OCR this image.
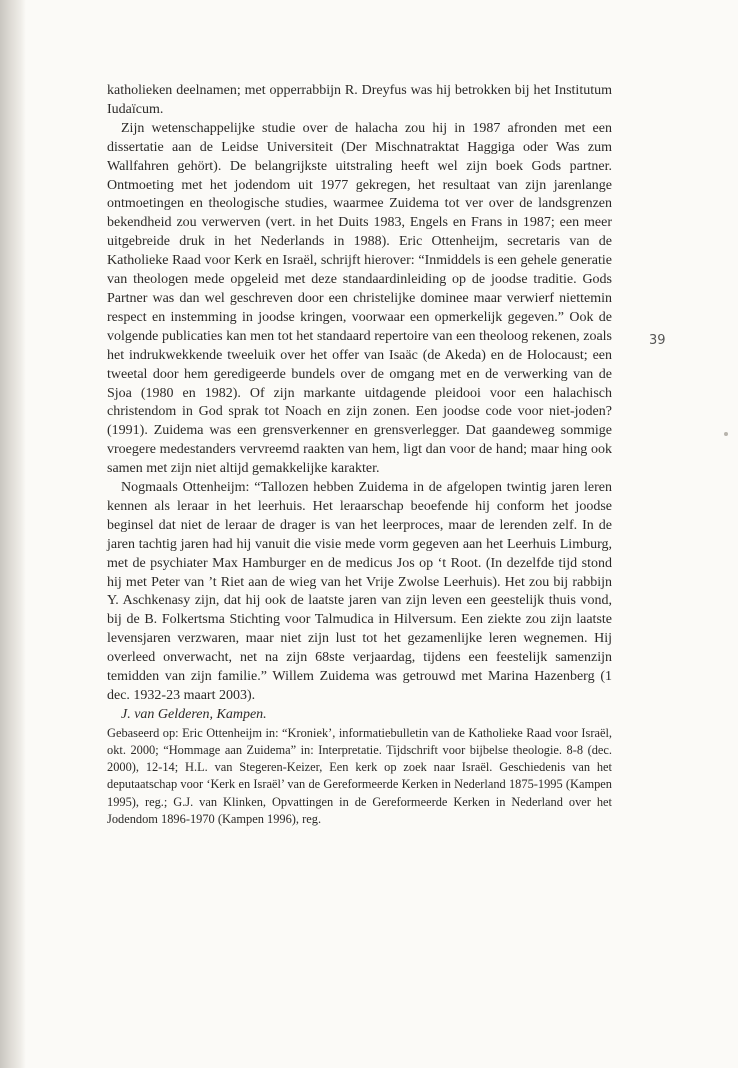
katholieken deelnamen; met opperrabbijn R. Dreyfus was hij betrokken bij het Institutum Iudaïcum.

Zijn wetenschappelijke studie over de halacha zou hij in 1987 afronden met een dissertatie aan de Leidse Universiteit (Der Mischnatraktat Haggiga oder Was zum Wallfahren gehört). De belangrijkste uitstraling heeft wel zijn boek Gods partner. Ontmoeting met het jodendom uit 1977 gekregen, het resultaat van zijn jarenlange ontmoetingen en theologische studies, waarmee Zuidema tot ver over de landsgrenzen bekendheid zou verwerven (vert. in het Duits 1983, Engels en Frans in 1987; een meer uitgebreide druk in het Nederlands in 1988). Eric Ottenheijm, secretaris van de Katholieke Raad voor Kerk en Israël, schrijft hierover: “Inmiddels is een gehele generatie van theologen mede opgeleid met deze standaardinleiding op de joodse traditie. Gods Partner was dan wel geschreven door een christelijke dominee maar verwierf niettemin respect en instemming in joodse kringen, voorwaar een opmerkelijk gegeven.” Ook de volgende publicaties kan men tot het standaard repertoire van een theoloog rekenen, zoals het indrukwekkende tweeluik over het offer van Isaäc (de Akeda) en de Holocaust; een tweetal door hem geredigeerde bundels over de omgang met en de verwerking van de Sjoa (1980 en 1982). Of zijn markante uitdagende pleidooi voor een halachisch christendom in God sprak tot Noach en zijn zonen. Een joodse code voor niet-joden? (1991). Zuidema was een grensverkenner en grensverlegger. Dat gaandeweg sommige vroegere medestanders vervreemd raakten van hem, ligt dan voor de hand; maar hing ook samen met zijn niet altijd gemakkelijke karakter.

Nogmaals Ottenheijm: “Tallozen hebben Zuidema in de afgelopen twintig jaren leren kennen als leraar in het leerhuis. Het leraarschap beoefende hij conform het joodse beginsel dat niet de leraar de drager is van het leerproces, maar de lerenden zelf. In de jaren tachtig jaren had hij vanuit die visie mede vorm gegeven aan het Leerhuis Limburg, met de psychiater Max Hamburger en de medicus Jos op ‘t Root. (In dezelfde tijd stond hij met Peter van ’t Riet aan de wieg van het Vrije Zwolse Leerhuis). Het zou bij rabbijn Y. Aschkenasy zijn, dat hij ook de laatste jaren van zijn leven een geestelijk thuis vond, bij de B. Folkertsma Stichting voor Talmudica in Hilversum. Een ziekte zou zijn laatste levensjaren verzwaren, maar niet zijn lust tot het gezamenlijke leren wegnemen. Hij overleed onverwacht, net na zijn 68ste verjaardag, tijdens een feestelijk samenzijn temidden van zijn familie.” Willem Zuidema was getrouwd met Marina Hazenberg (1 dec. 1932-23 maart 2003).

J. van Gelderen, Kampen.

Gebaseerd op: Eric Ottenheijm in: “Kroniek’, informatiebulletin van de Katholieke Raad voor Israël, okt. 2000; “Hommage aan Zuidema” in: Interpretatie. Tijdschrift voor bijbelse theologie. 8-8 (dec. 2000), 12-14; H.L. van Stegeren-Keizer, Een kerk op zoek naar Israël. Geschiedenis van het deputaatschap voor ‘Kerk en Israël’ van de Gereformeerde Kerken in Nederland 1875-1995 (Kampen 1995), reg.; G.J. van Klinken, Opvattingen in de Gereformeerde Kerken in Nederland over het Jodendom 1896-1970 (Kampen 1996), reg.

39
